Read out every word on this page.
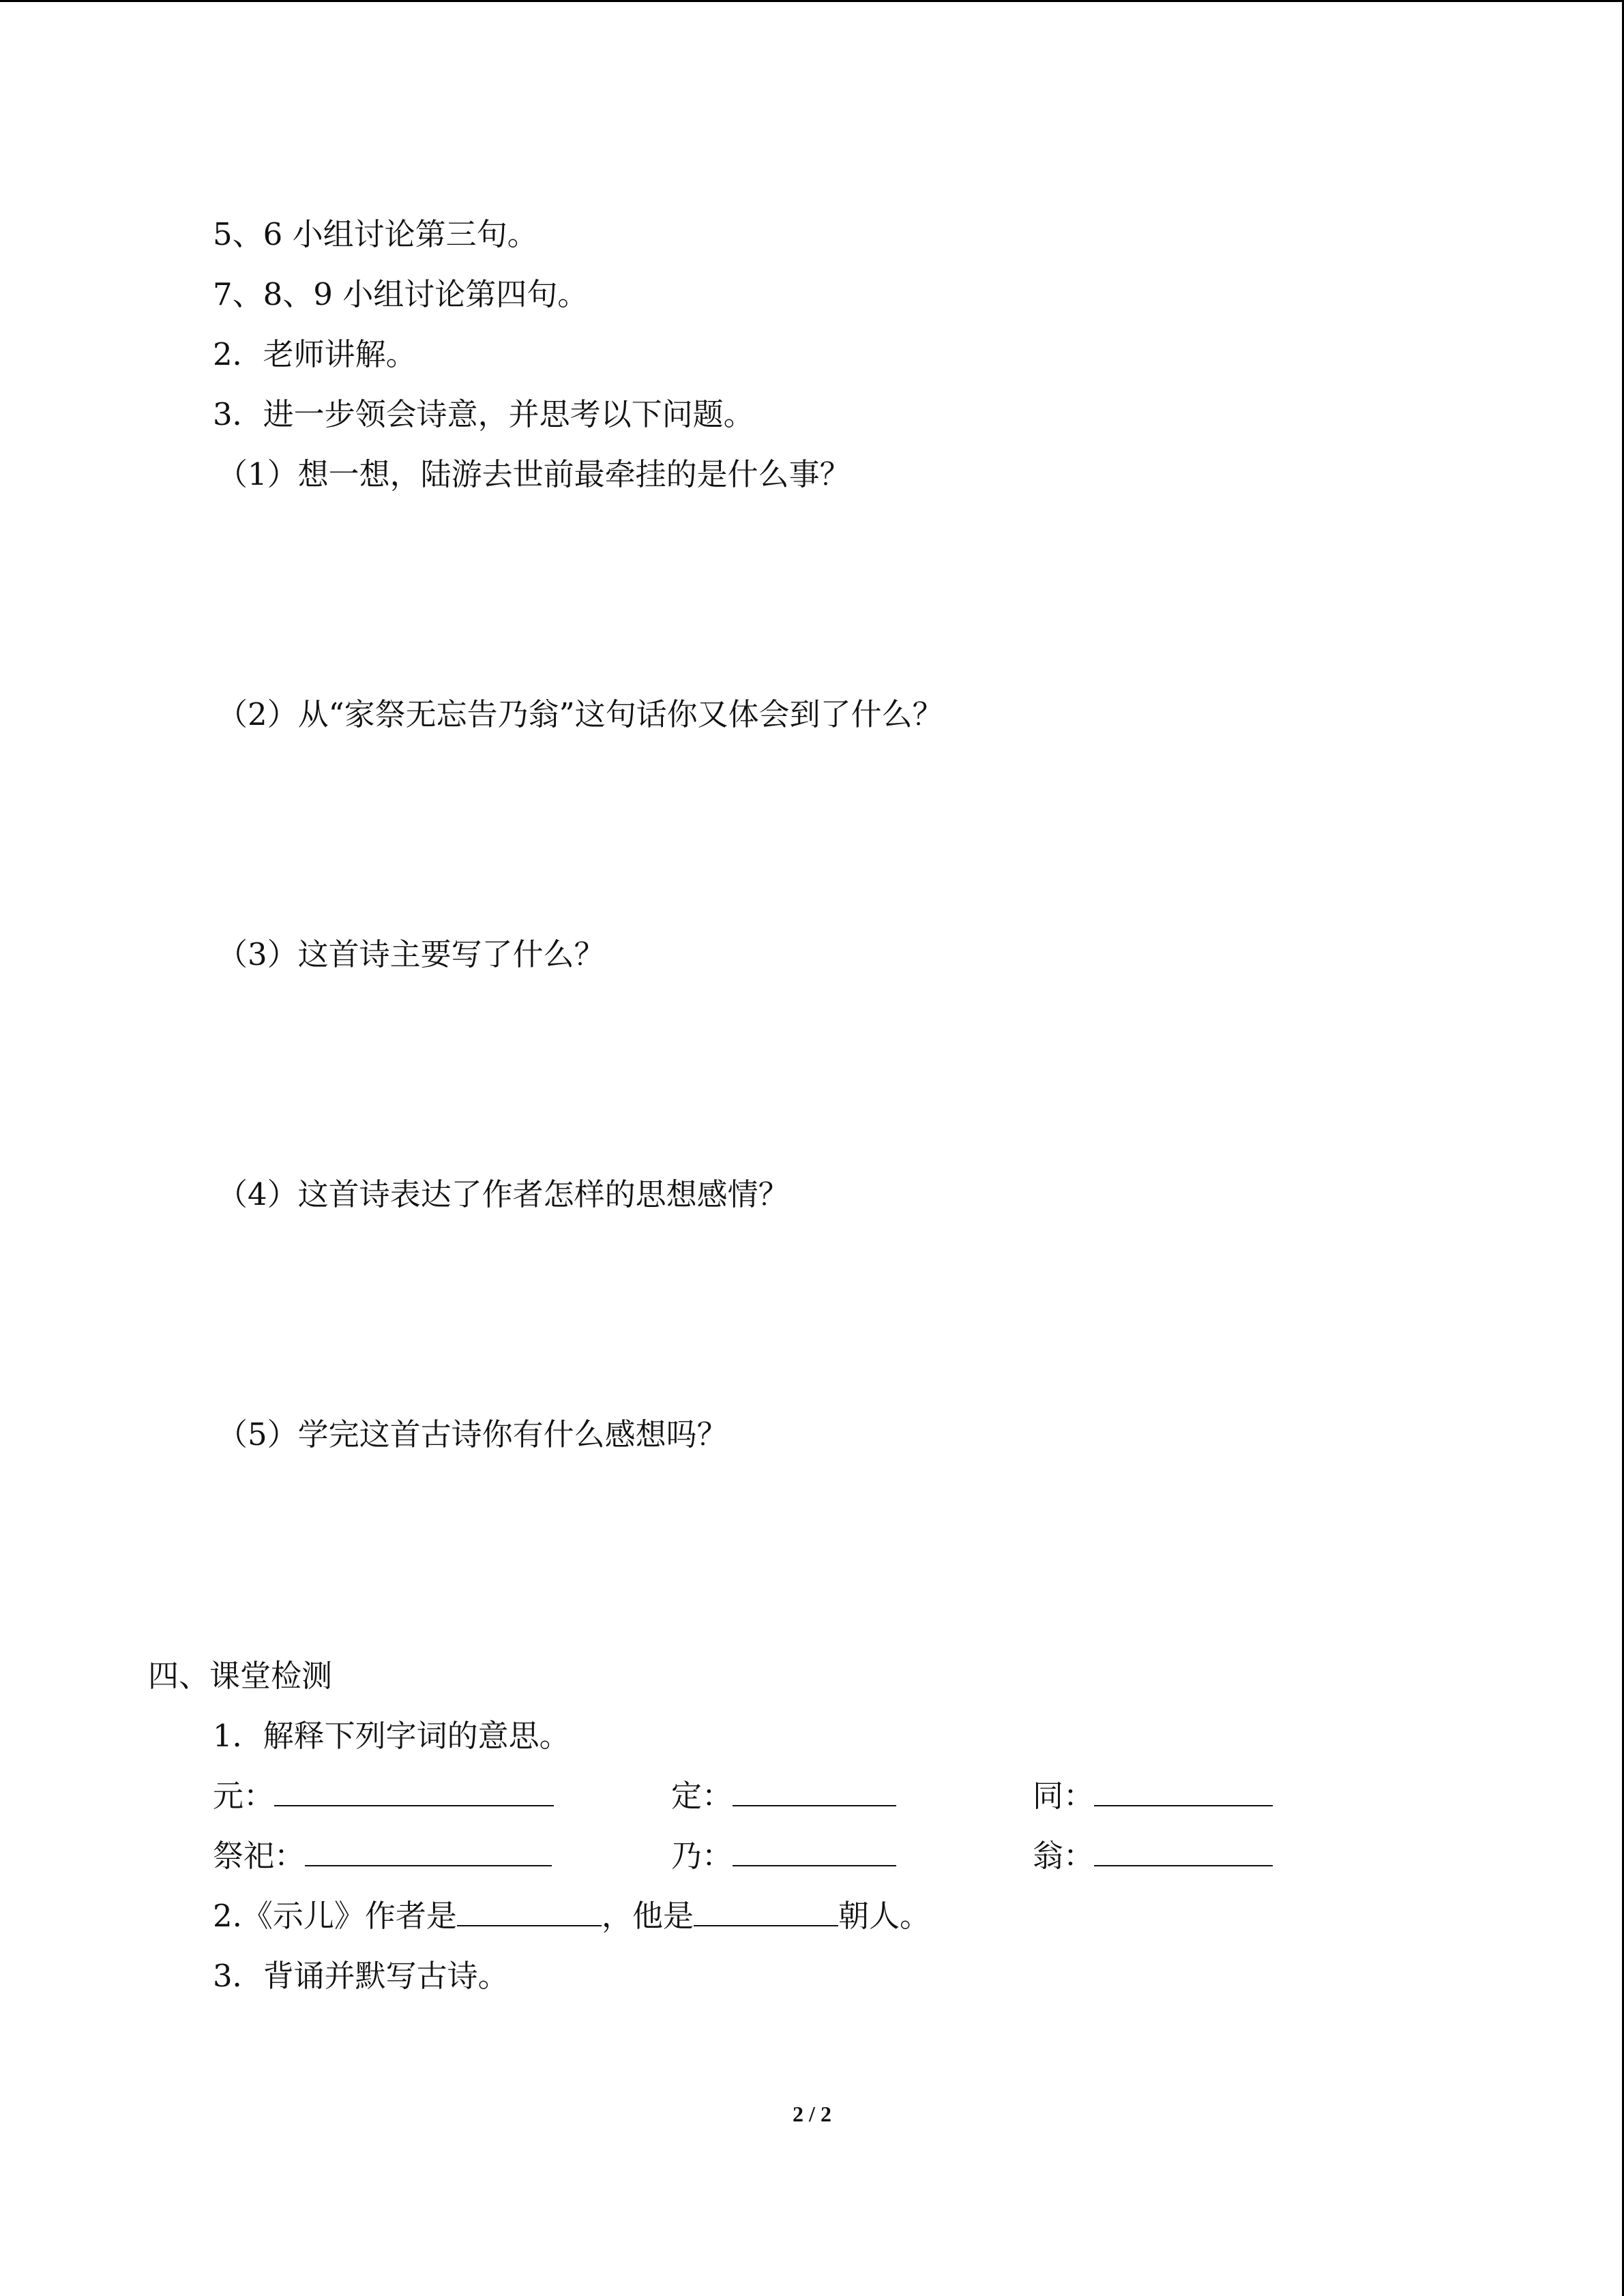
5、6 小组讨论第三句。
7、8、9 小组讨论第四句。
2．老师讲解。
3．进一步领会诗意，并思考以下问题。
（1）想一想，陆游去世前最牵挂的是什么事？
（2）从“家祭无忘告乃翁”这句话你又体会到了什么？
（3）这首诗主要写了什么？
（4）这首诗表达了作者怎样的思想感情？
（5）学完这首古诗你有什么感想吗？
四、课堂检测
1．解释下列字词的意思。
元：	定：	同：
祭祀：	乃：	翁：
2.《示儿》作者是	，他是	朝人。
3．背诵并默写古诗。
2 / 2
